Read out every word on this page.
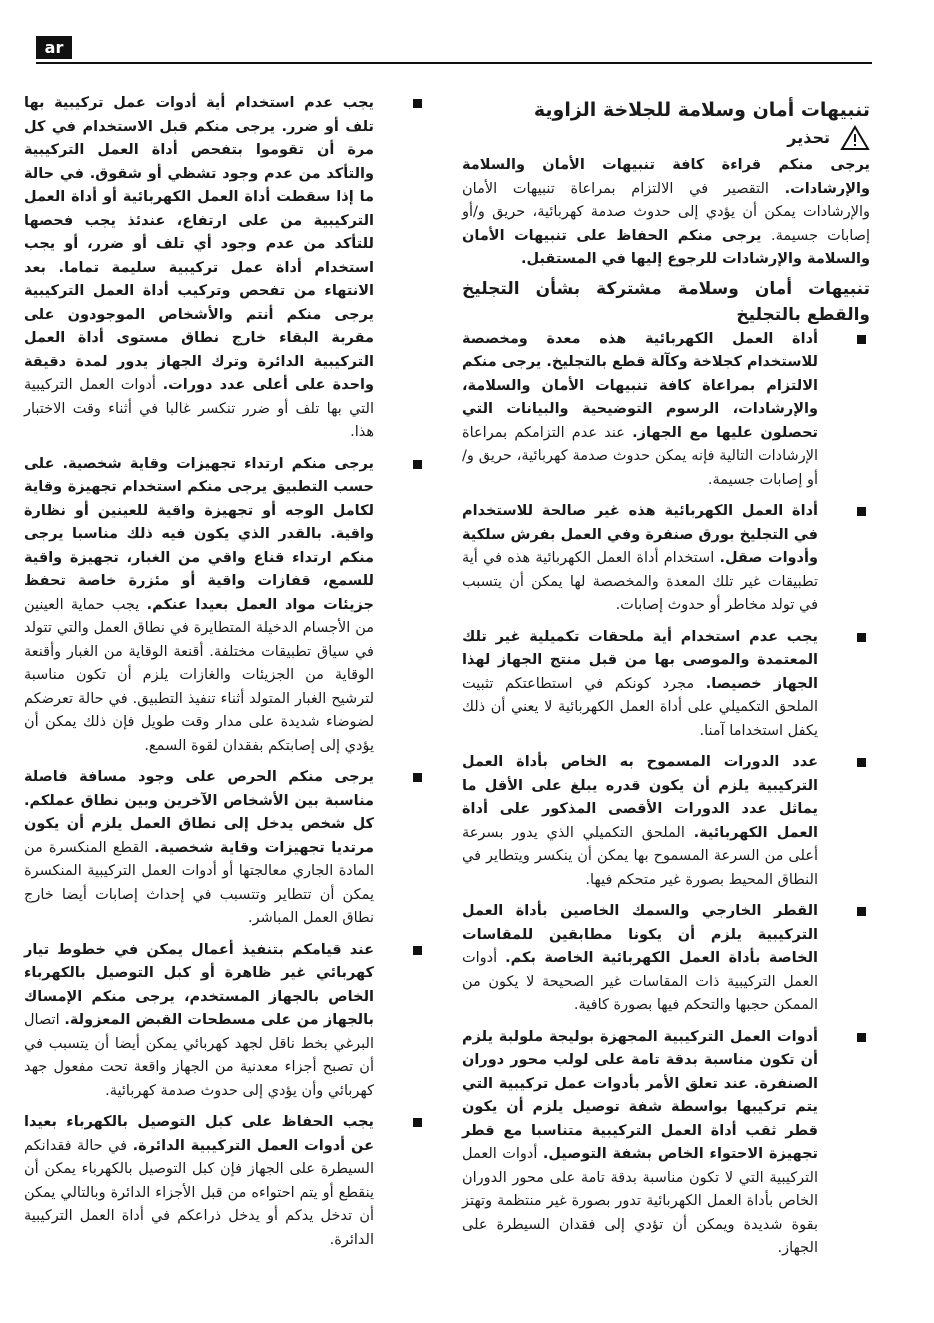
ar
تنبيهات أمان وسلامة للجلاخة الزاوية
تحذير

يرجى منكم قراءة كافة تنبيهات الأمان والسلامة والإرشادات. التقصير في الالتزام بمراعاة تنبيهات الأمان والإرشادات يمكن أن يؤدي إلى حدوث صدمة كهربائية، حريق و/أو إصابات جسيمة. يرجى منكم الحفاظ على تنبيهات الأمان والسلامة والإرشادات للرجوع إليها في المستقبل.

تنبيهات أمان وسلامة مشتركة بشأن التجليخ والقطع بالتجليخ
أداة العمل الكهربائية هذه معدة ومخصصة للاستخدام كجلاخة وكآلة قطع بالتجليخ. يرجى منكم الالتزام بمراعاة كافة تنبيهات الأمان والسلامة، والإرشادات، الرسوم التوضيحية والبيانات التي تحصلون عليها مع الجهاز. عند عدم التزامكم بمراعاة الإرشادات التالية فإنه يمكن حدوث صدمة كهربائية، حريق و/أو إصابات جسيمة.
أداة العمل الكهربائية هذه غير صالحة للاستخدام في التجليخ بورق صنفرة وفي العمل بفرش سلكية وأدوات صقل. استخدام أداة العمل الكهربائية هذه في أية تطبيقات غير تلك المعدة والمخصصة لها يمكن أن يتسبب في تولد مخاطر أو حدوث إصابات.
يجب عدم استخدام أية ملحقات تكميلية غير تلك المعتمدة والموصى بها من قبل منتج الجهاز لهذا الجهاز خصيصا. مجرد كونكم في استطاعتكم تثبيت الملحق التكميلي على أداة العمل الكهربائية لا يعني أن ذلك يكفل استخداما آمنا.
عدد الدورات المسموح به الخاص بأداة العمل التركيبية يلزم أن يكون قدره يبلغ على الأقل ما يماثل عدد الدورات الأقصى المذكور على أداة العمل الكهربائية. الملحق التكميلي الذي يدور بسرعة أعلى من السرعة المسموح بها يمكن أن ينكسر ويتطاير في النطاق المحيط بصورة غير متحكم فيها.
القطر الخارجي والسمك الخاصين بأداة العمل التركيبية يلزم أن يكونا مطابقين للمقاسات الخاصة بأداة العمل الكهربائية الخاصة بكم. أدوات العمل التركيبية ذات المقاسات غير الصحيحة لا يكون من الممكن حجبها والتحكم فيها بصورة كافية.
أدوات العمل التركيبية المجهزة بوليجة ملولبة يلزم أن تكون مناسبة بدقة تامة على لولب محور دوران الصنفرة. عند تعلق الأمر بأدوات عمل تركيبية التي يتم تركيبها بواسطة شفة توصيل يلزم أن يكون قطر ثقب أداة العمل التركيبية متناسبا مع قطر تجهيزة الاحتواء الخاص بشفة التوصيل. أدوات العمل التركيبية التي لا تكون مناسبة بدقة تامة على محور الدوران الخاص بأداة العمل الكهربائية تدور بصورة غير منتظمة وتهتز بقوة شديدة ويمكن أن تؤدي إلى فقدان السيطرة على الجهاز.
يجب عدم استخدام أية أدوات عمل تركيبية بها تلف أو ضرر. يرجى منكم قبل الاستخدام في كل مرة أن تقوموا بتفحص أداة العمل التركيبية والتأكد من عدم وجود تشظي أو شقوق. في حالة ما إذا سقطت أداة العمل الكهربائية أو أداة العمل التركيبية من على ارتفاع، عندئذ يجب فحصها للتأكد من عدم وجود أي تلف أو ضرر، أو يجب استخدام أداة عمل تركيبية سليمة تماما. بعد الانتهاء من تفحص وتركيب أداة العمل التركيبية يرجى منكم أنتم والأشخاص الموجودون على مقربة البقاء خارج نطاق مستوى أداة العمل التركيبية الدائرة وترك الجهاز يدور لمدة دقيقة واحدة على أعلى عدد دورات. أدوات العمل التركيبية التي بها تلف أو ضرر تنكسر غالبا في أثناء وقت الاختبار هذا.
يرجى منكم ارتداء تجهيزات وقاية شخصية. على حسب التطبيق يرجى منكم استخدام تجهيزة وقاية لكامل الوجه أو تجهيزة واقية للعينين أو نظارة واقية. بالقدر الذي يكون فيه ذلك مناسبا يرجى منكم ارتداء قناع واقي من الغبار، تجهيزة واقية للسمع، قفازات واقية أو مئزرة خاصة تحفظ جزيئات مواد العمل بعيدا عنكم. يجب حماية العينين من الأجسام الدخيلة المتطايرة في نطاق العمل والتي تتولد في سياق تطبيقات مختلفة. أقنعة الوقاية من الغبار وأقنعة الوقاية من الجزيئات والغازات يلزم أن تكون مناسبة لترشيح الغبار المتولد أثناء تنفيذ التطبيق. في حالة تعرضكم لضوضاء شديدة على مدار وقت طويل فإن ذلك يمكن أن يؤدي إلى إصابتكم بفقدان لقوة السمع.
يرجى منكم الحرص على وجود مسافة فاصلة مناسبة بين الأشخاص الآخرين وبين نطاق عملكم. كل شخص يدخل إلى نطاق العمل يلزم أن يكون مرتديا تجهيزات وقاية شخصية. القطع المنكسرة من المادة الجاري معالجتها أو أدوات العمل التركيبية المنكسرة يمكن أن تتطاير وتتسبب في إحداث إصابات أيضا خارج نطاق العمل المباشر.
عند قيامكم بتنفيذ أعمال يمكن في خطوط تيار كهربائي غير ظاهرة أو كبل التوصيل بالكهرباء الخاص بالجهاز المستخدم، يرجى منكم الإمساك بالجهاز من على مسطحات القبض المعزولة. اتصال البرغي بخط ناقل لجهد كهربائي يمكن أيضا أن يتسبب في أن تصبح أجزاء معدنية من الجهاز واقعة تحت مفعول جهد كهربائي وأن يؤدي إلى حدوث صدمة كهربائية.
يجب الحفاظ على كبل التوصيل بالكهرباء بعيدا عن أدوات العمل التركيبية الدائرة. في حالة فقدانكم السيطرة على الجهاز فإن كبل التوصيل بالكهرباء يمكن أن ينقطع أو يتم احتواءه من قبل الأجزاء الدائرة وبالتالي يمكن أن تدخل يدكم أو يدخل ذراعكم في أداة العمل التركيبية الدائرة.
